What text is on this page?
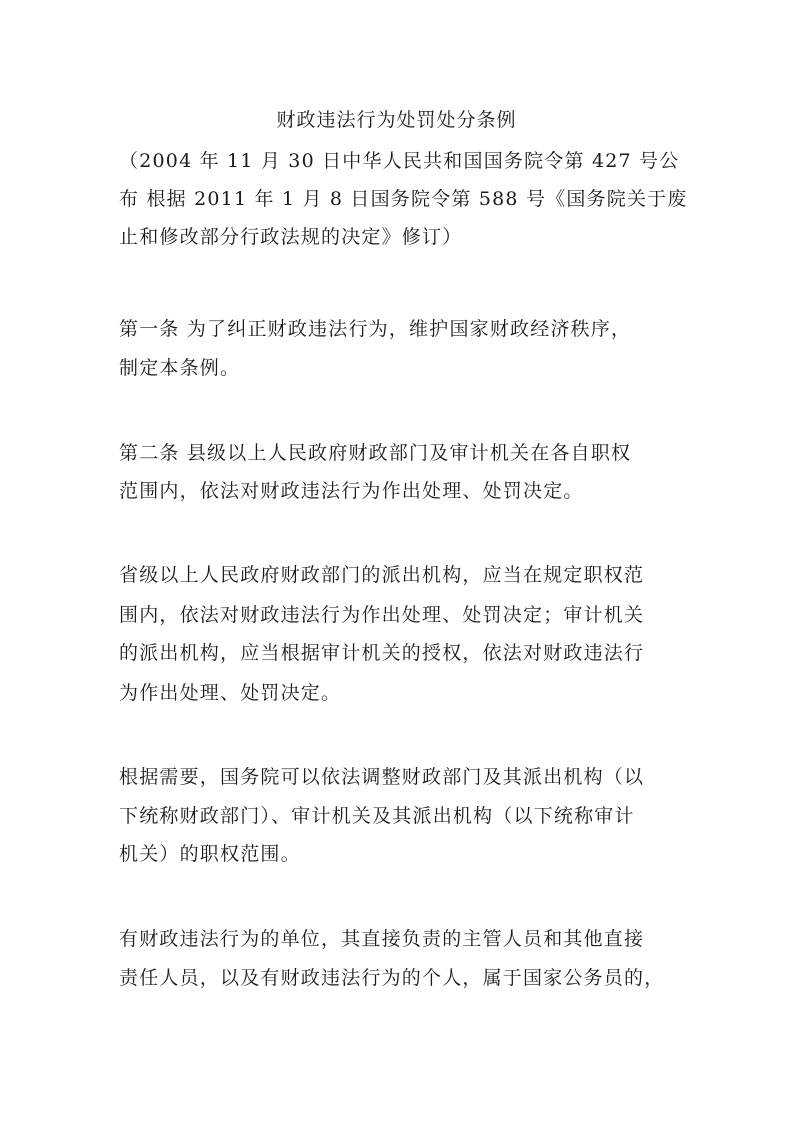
财政违法行为处罚处分条例
（2004 年 11 月 30 日中华人民共和国国务院令第 427 号公
布 根据 2011 年 1 月 8 日国务院令第 588 号《国务院关于废
止和修改部分行政法规的决定》修订）
第一条 为了纠正财政违法行为，维护国家财政经济秩序，
制定本条例。
第二条 县级以上人民政府财政部门及审计机关在各自职权
范围内，依法对财政违法行为作出处理、处罚决定。
省级以上人民政府财政部门的派出机构，应当在规定职权范
围内，依法对财政违法行为作出处理、处罚决定；审计机关
的派出机构，应当根据审计机关的授权，依法对财政违法行
为作出处理、处罚决定。
根据需要，国务院可以依法调整财政部门及其派出机构（以
下统称财政部门）、审计机关及其派出机构（以下统称审计
机关）的职权范围。
有财政违法行为的单位，其直接负责的主管人员和其他直接
责任人员，以及有财政违法行为的个人，属于国家公务员的，
